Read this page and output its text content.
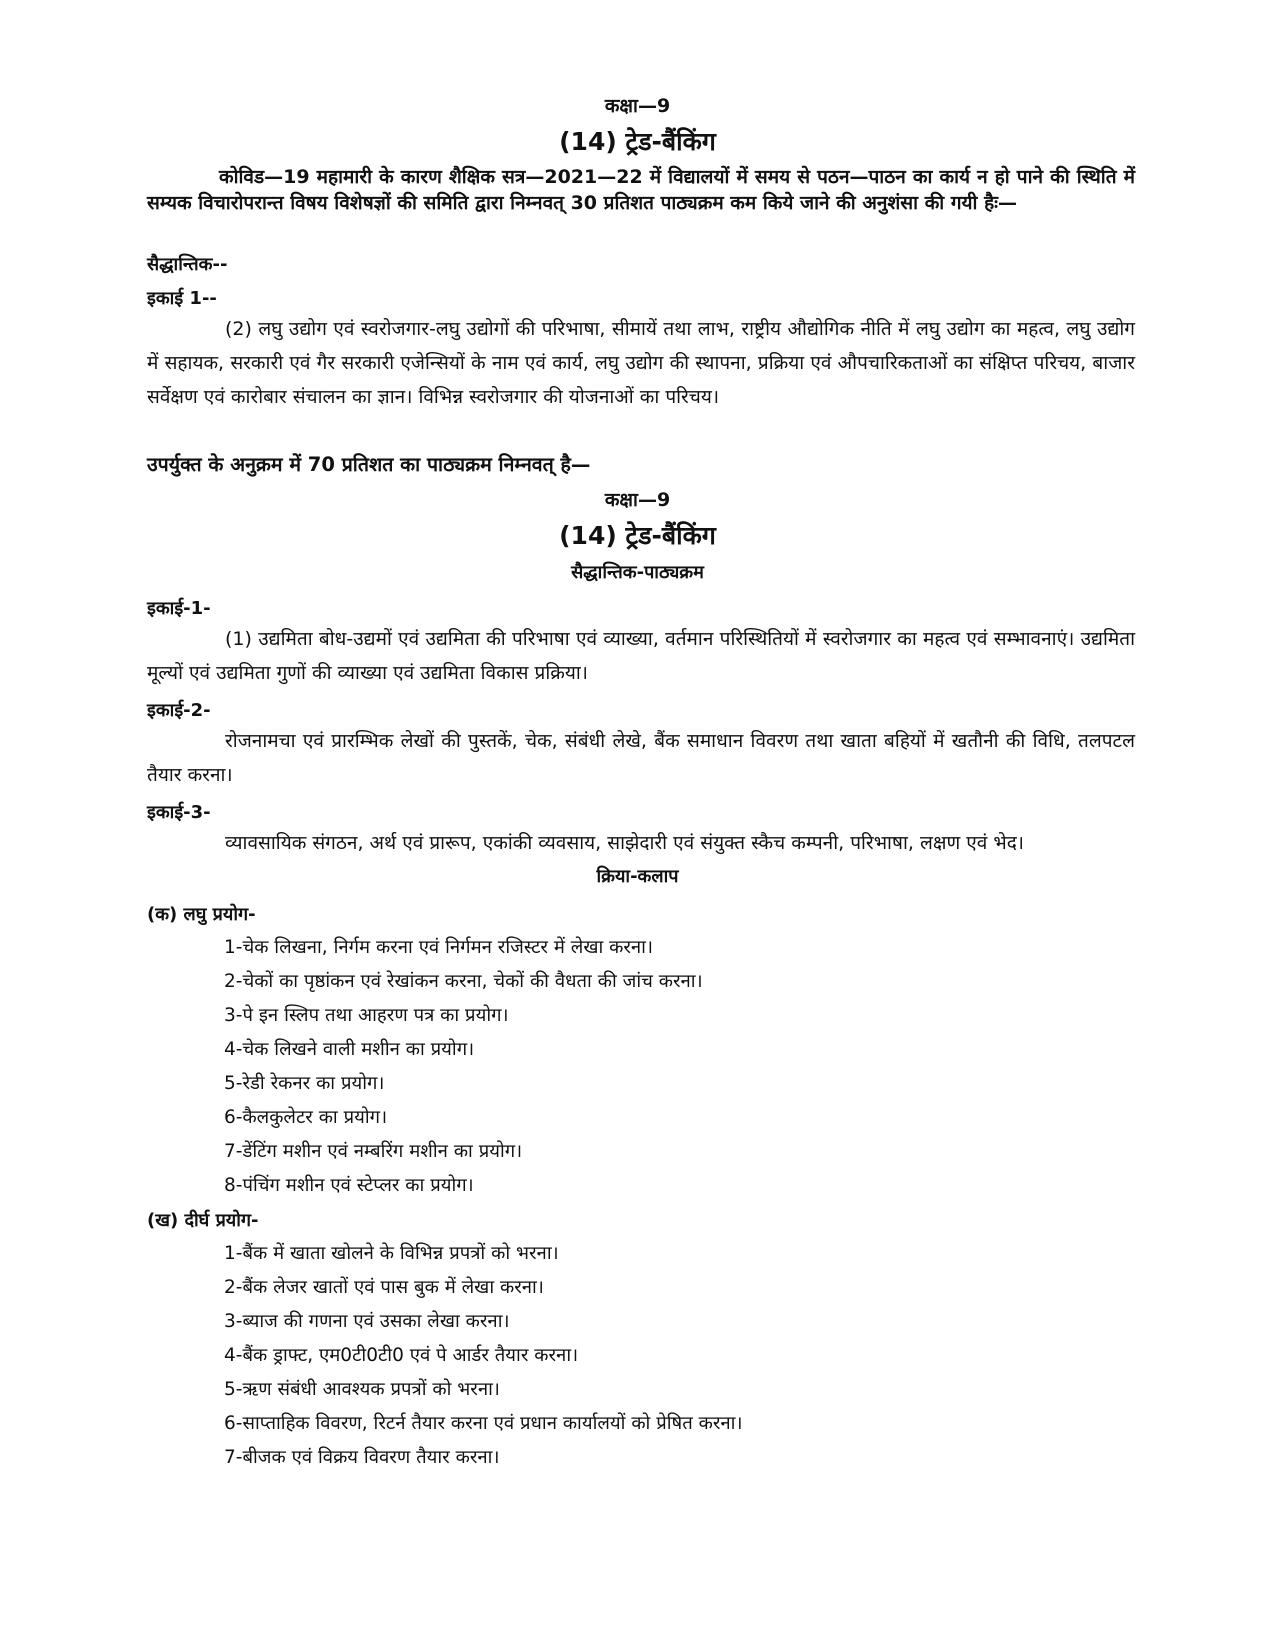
कक्षा—9
(14) ट्रेड-बैंकिंग
कोविड—19 महामारी के कारण शैक्षिक सत्र—2021—22 में विद्यालयों में समय से पठन—पाठन का कार्य न हो पाने की स्थिति में सम्यक विचारोपरान्त विषय विशेषज्ञों की समिति द्वारा निम्नवत् 30 प्रतिशत पाठ्यक्रम कम किये जाने की अनुशंसा की गयी हैः—
सैद्धान्तिक--
इकाई 1--
(2) लघु उद्योग एवं स्वरोजगार-लघु उद्योगों की परिभाषा, सीमायें तथा लाभ, राष्ट्रीय औद्योगिक नीति में लघु उद्योग का महत्व, लघु उद्योग में सहायक, सरकारी एवं गैर सरकारी एजेन्सियों के नाम एवं कार्य, लघु उद्योग की स्थापना, प्रक्रिया एवं औपचारिकताओं का संक्षिप्त परिचय, बाजार सर्वेक्षण एवं कारोबार संचालन का ज्ञान। विभिन्न स्वरोजगार की योजनाओं का परिचय।
उपर्युक्त के अनुक्रम में 70 प्रतिशत का पाठ्यक्रम निम्नवत् है—
कक्षा—9
(14) ट्रेड-बैंकिंग
सैद्धान्तिक-पाठ्यक्रम
इकाई-1-
(1) उद्यमिता बोध-उद्यमों एवं उद्यमिता की परिभाषा एवं व्याख्या, वर्तमान परिस्थितियों में स्वरोजगार का महत्व एवं सम्भावनाएं। उद्यमिता मूल्यों एवं उद्यमिता गुणों की व्याख्या एवं उद्यमिता विकास प्रक्रिया।
इकाई-2-
रोजनामचा एवं प्रारम्भिक लेखों की पुस्तकें, चेक, संबंधी लेखे, बैंक समाधान विवरण तथा खाता बहियों में खतौनी की विधि, तलपटल तैयार करना।
इकाई-3-
व्यावसायिक संगठन, अर्थ एवं प्रारूप, एकांकी व्यवसाय, साझेदारी एवं संयुक्त स्कैच कम्पनी, परिभाषा, लक्षण एवं भेद।
क्रिया-कलाप
(क) लघु प्रयोग-
1-चेक लिखना, निर्गम करना एवं निर्गमन रजिस्टर में लेखा करना।
2-चेकों का पृष्ठांकन एवं रेखांकन करना, चेकों की वैधता की जांच करना।
3-पे इन स्लिप तथा आहरण पत्र का प्रयोग।
4-चेक लिखने वाली मशीन का प्रयोग।
5-रेडी रेकनर का प्रयोग।
6-कैलकुलेटर का प्रयोग।
7-डेंटिंग मशीन एवं नम्बरिंग मशीन का प्रयोग।
8-पंचिंग मशीन एवं स्टेप्लर का प्रयोग।
(ख) दीर्घ प्रयोग-
1-बैंक में खाता खोलने के विभिन्न प्रपत्रों को भरना।
2-बैंक लेजर खातों एवं पास बुक में लेखा करना।
3-ब्याज की गणना एवं उसका लेखा करना।
4-बैंक ड्राफ्ट, एम0टी0टी0 एवं पे आर्डर तैयार करना।
5-ऋण संबंधी आवश्यक प्रपत्रों को भरना।
6-साप्ताहिक विवरण, रिटर्न तैयार करना एवं प्रधान कार्यालयों को प्रेषित करना।
7-बीजक एवं विक्रय विवरण तैयार करना।
